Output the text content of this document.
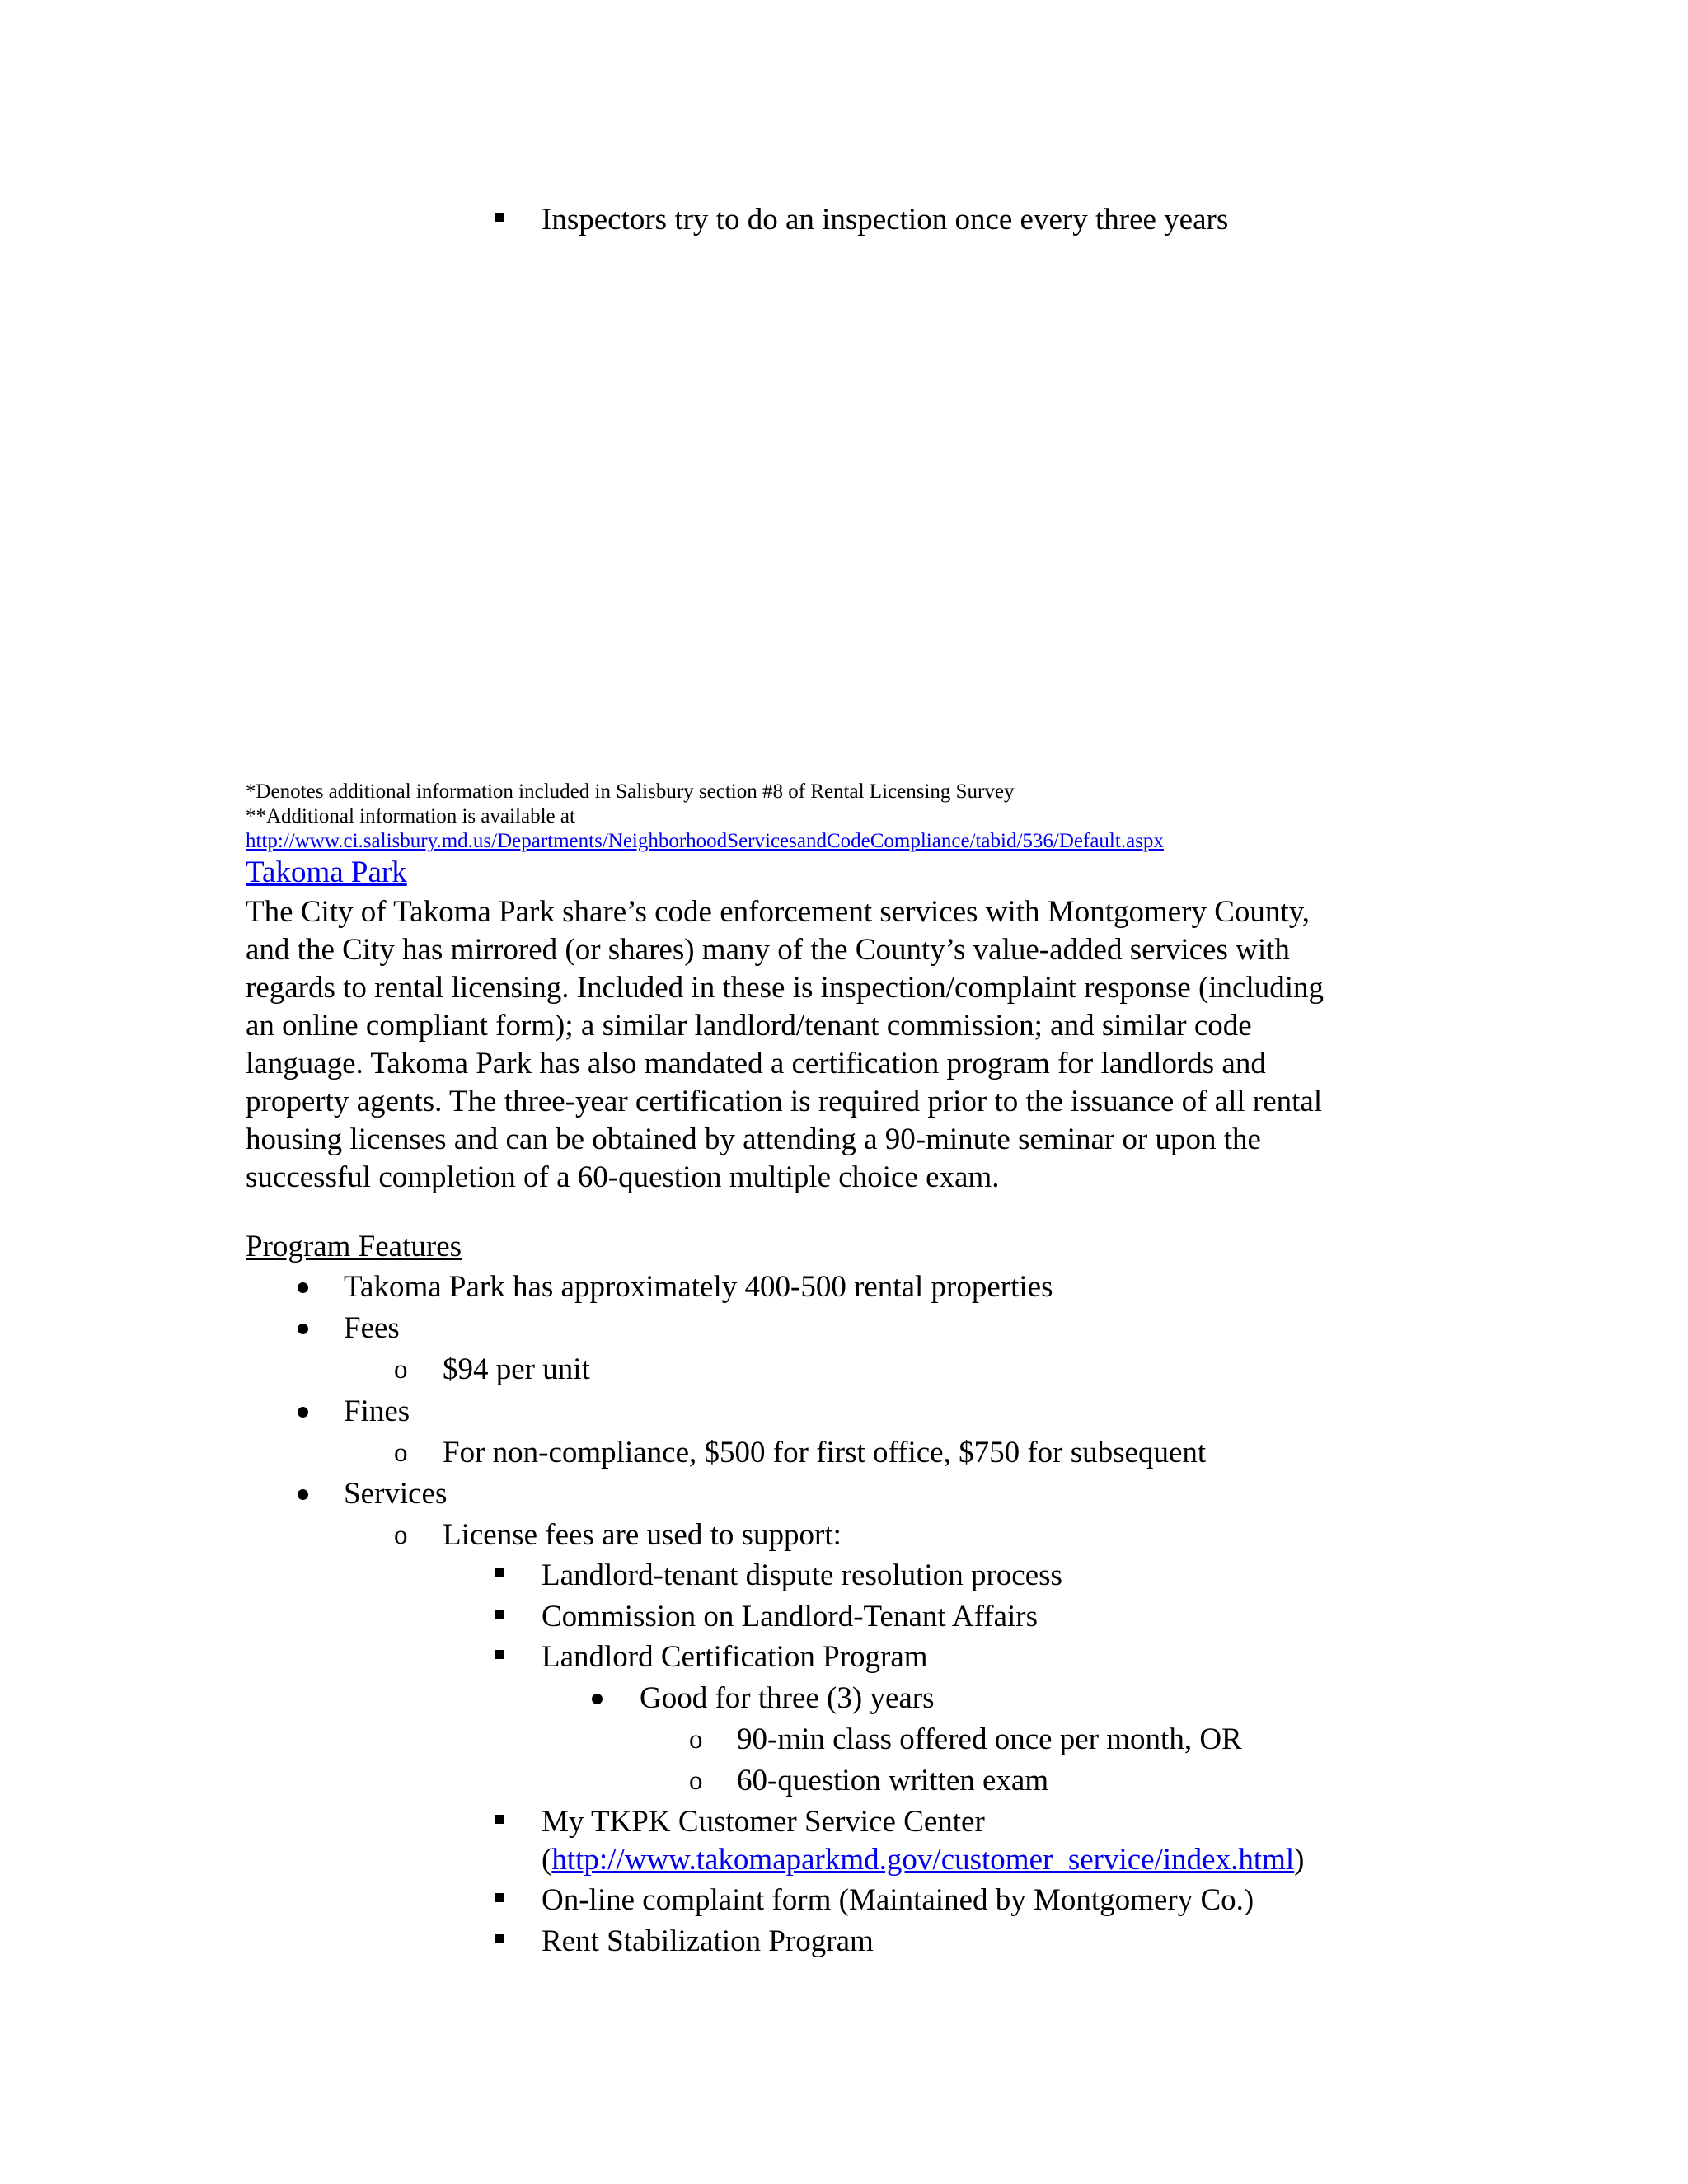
Inspectors try to do an inspection once every three years
*Denotes additional information included in Salisbury section #8 of Rental Licensing Survey
**Additional information is available at
http://www.ci.salisbury.md.us/Departments/NeighborhoodServicesandCodeCompliance/tabid/536/Default.aspx
Takoma Park
The City of Takoma Park share’s code enforcement services with Montgomery County,
and the City has mirrored (or shares) many of the County’s value-added services with
regards to rental licensing. Included in these is inspection/complaint response (including
an online compliant form); a similar landlord/tenant commission; and similar code
language. Takoma Park has also mandated a certification program for landlords and
property agents. The three-year certification is required prior to the issuance of all rental
housing licenses and can be obtained by attending a 90-minute seminar or upon the
successful completion of a 60-question multiple choice exam.
Program Features
Takoma Park has approximately 400-500 rental properties
Fees
o $94 per unit
Fines
o For non-compliance, $500 for first office, $750 for subsequent
Services
o License fees are used to support:
Landlord-tenant dispute resolution process
Commission on Landlord-Tenant Affairs
Landlord Certification Program
Good for three (3) years
o 90-min class offered once per month, OR
o 60-question written exam
My TKPK Customer Service Center
(http://www.takomaparkmd.gov/customer_service/index.html)
On-line complaint form (Maintained by Montgomery Co.)
Rent Stabilization Program
